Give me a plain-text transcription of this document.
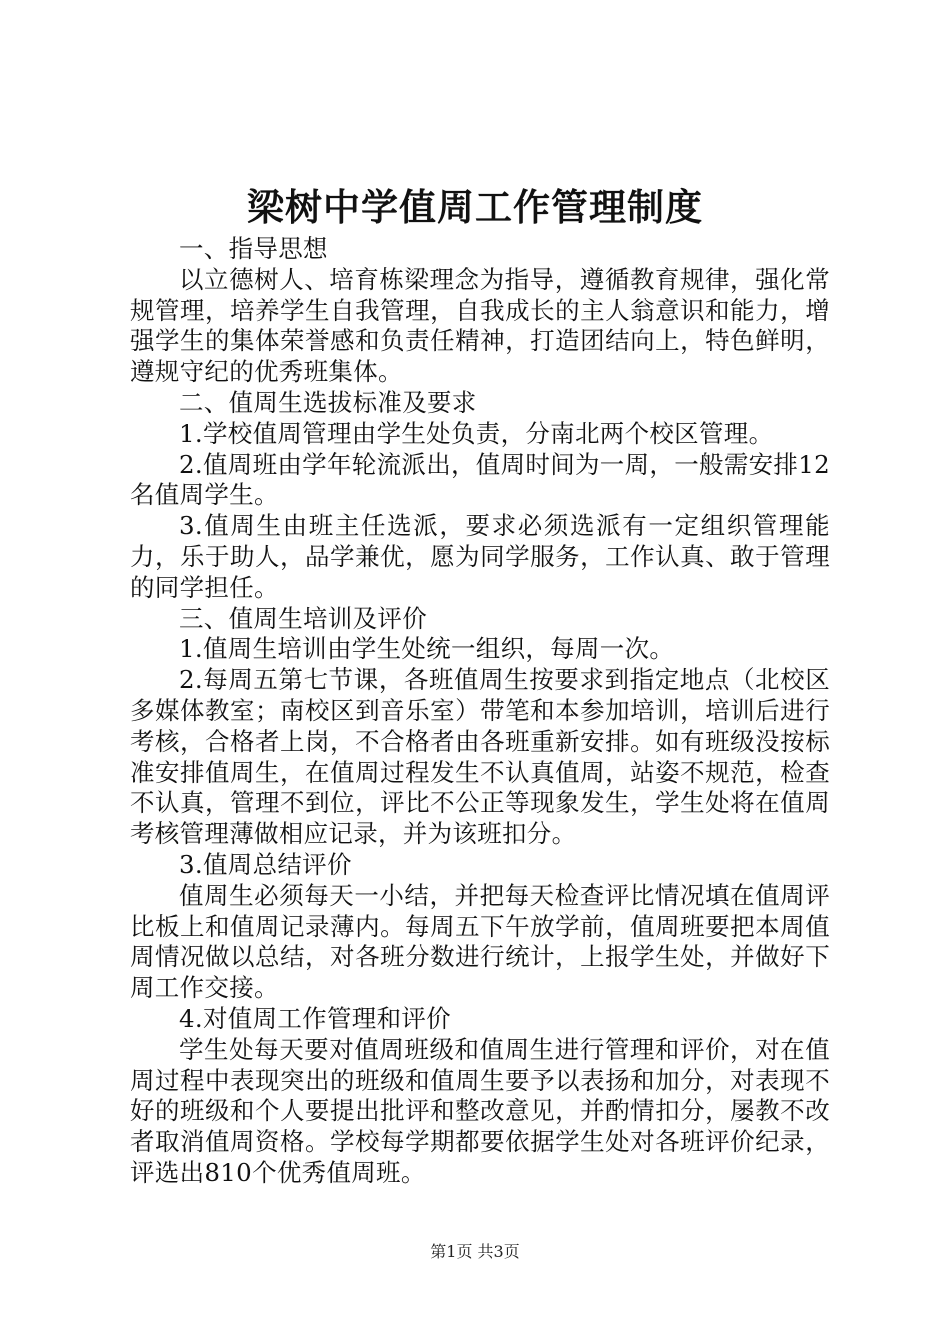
梁树中学值周工作管理制度

一、指导思想

以立德树人、培育栋梁理念为指导，遵循教育规律，强化常规管理，培养学生自我管理，自我成长的主人翁意识和能力，增强学生的集体荣誉感和负责任精神，打造团结向上，特色鲜明，遵规守纪的优秀班集体。

二、值周生选拔标准及要求

1.学校值周管理由学生处负责，分南北两个校区管理。

2.值周班由学年轮流派出，值周时间为一周，一般需安排12名值周学生。

3.值周生由班主任选派，要求必须选派有一定组织管理能力，乐于助人，品学兼优，愿为同学服务，工作认真、敢于管理的同学担任。

三、值周生培训及评价

1.值周生培训由学生处统一组织，每周一次。

2.每周五第七节课，各班值周生按要求到指定地点（北校区多媒体教室；南校区到音乐室）带笔和本参加培训，培训后进行考核，合格者上岗，不合格者由各班重新安排。如有班级没按标准安排值周生，在值周过程发生不认真值周，站姿不规范，检查不认真，管理不到位，评比不公正等现象发生，学生处将在值周考核管理薄做相应记录，并为该班扣分。

3.值周总结评价

值周生必须每天一小结，并把每天检查评比情况填在值周评比板上和值周记录薄内。每周五下午放学前，值周班要把本周值周情况做以总结，对各班分数进行统计，上报学生处，并做好下周工作交接。

4.对值周工作管理和评价

学生处每天要对值周班级和值周生进行管理和评价，对在值周过程中表现突出的班级和值周生要予以表扬和加分，对表现不好的班级和个人要提出批评和整改意见，并酌情扣分，屡教不改者取消值周资格。学校每学期都要依据学生处对各班评价纪录，评选出810个优秀值周班。

第1页 共3页
